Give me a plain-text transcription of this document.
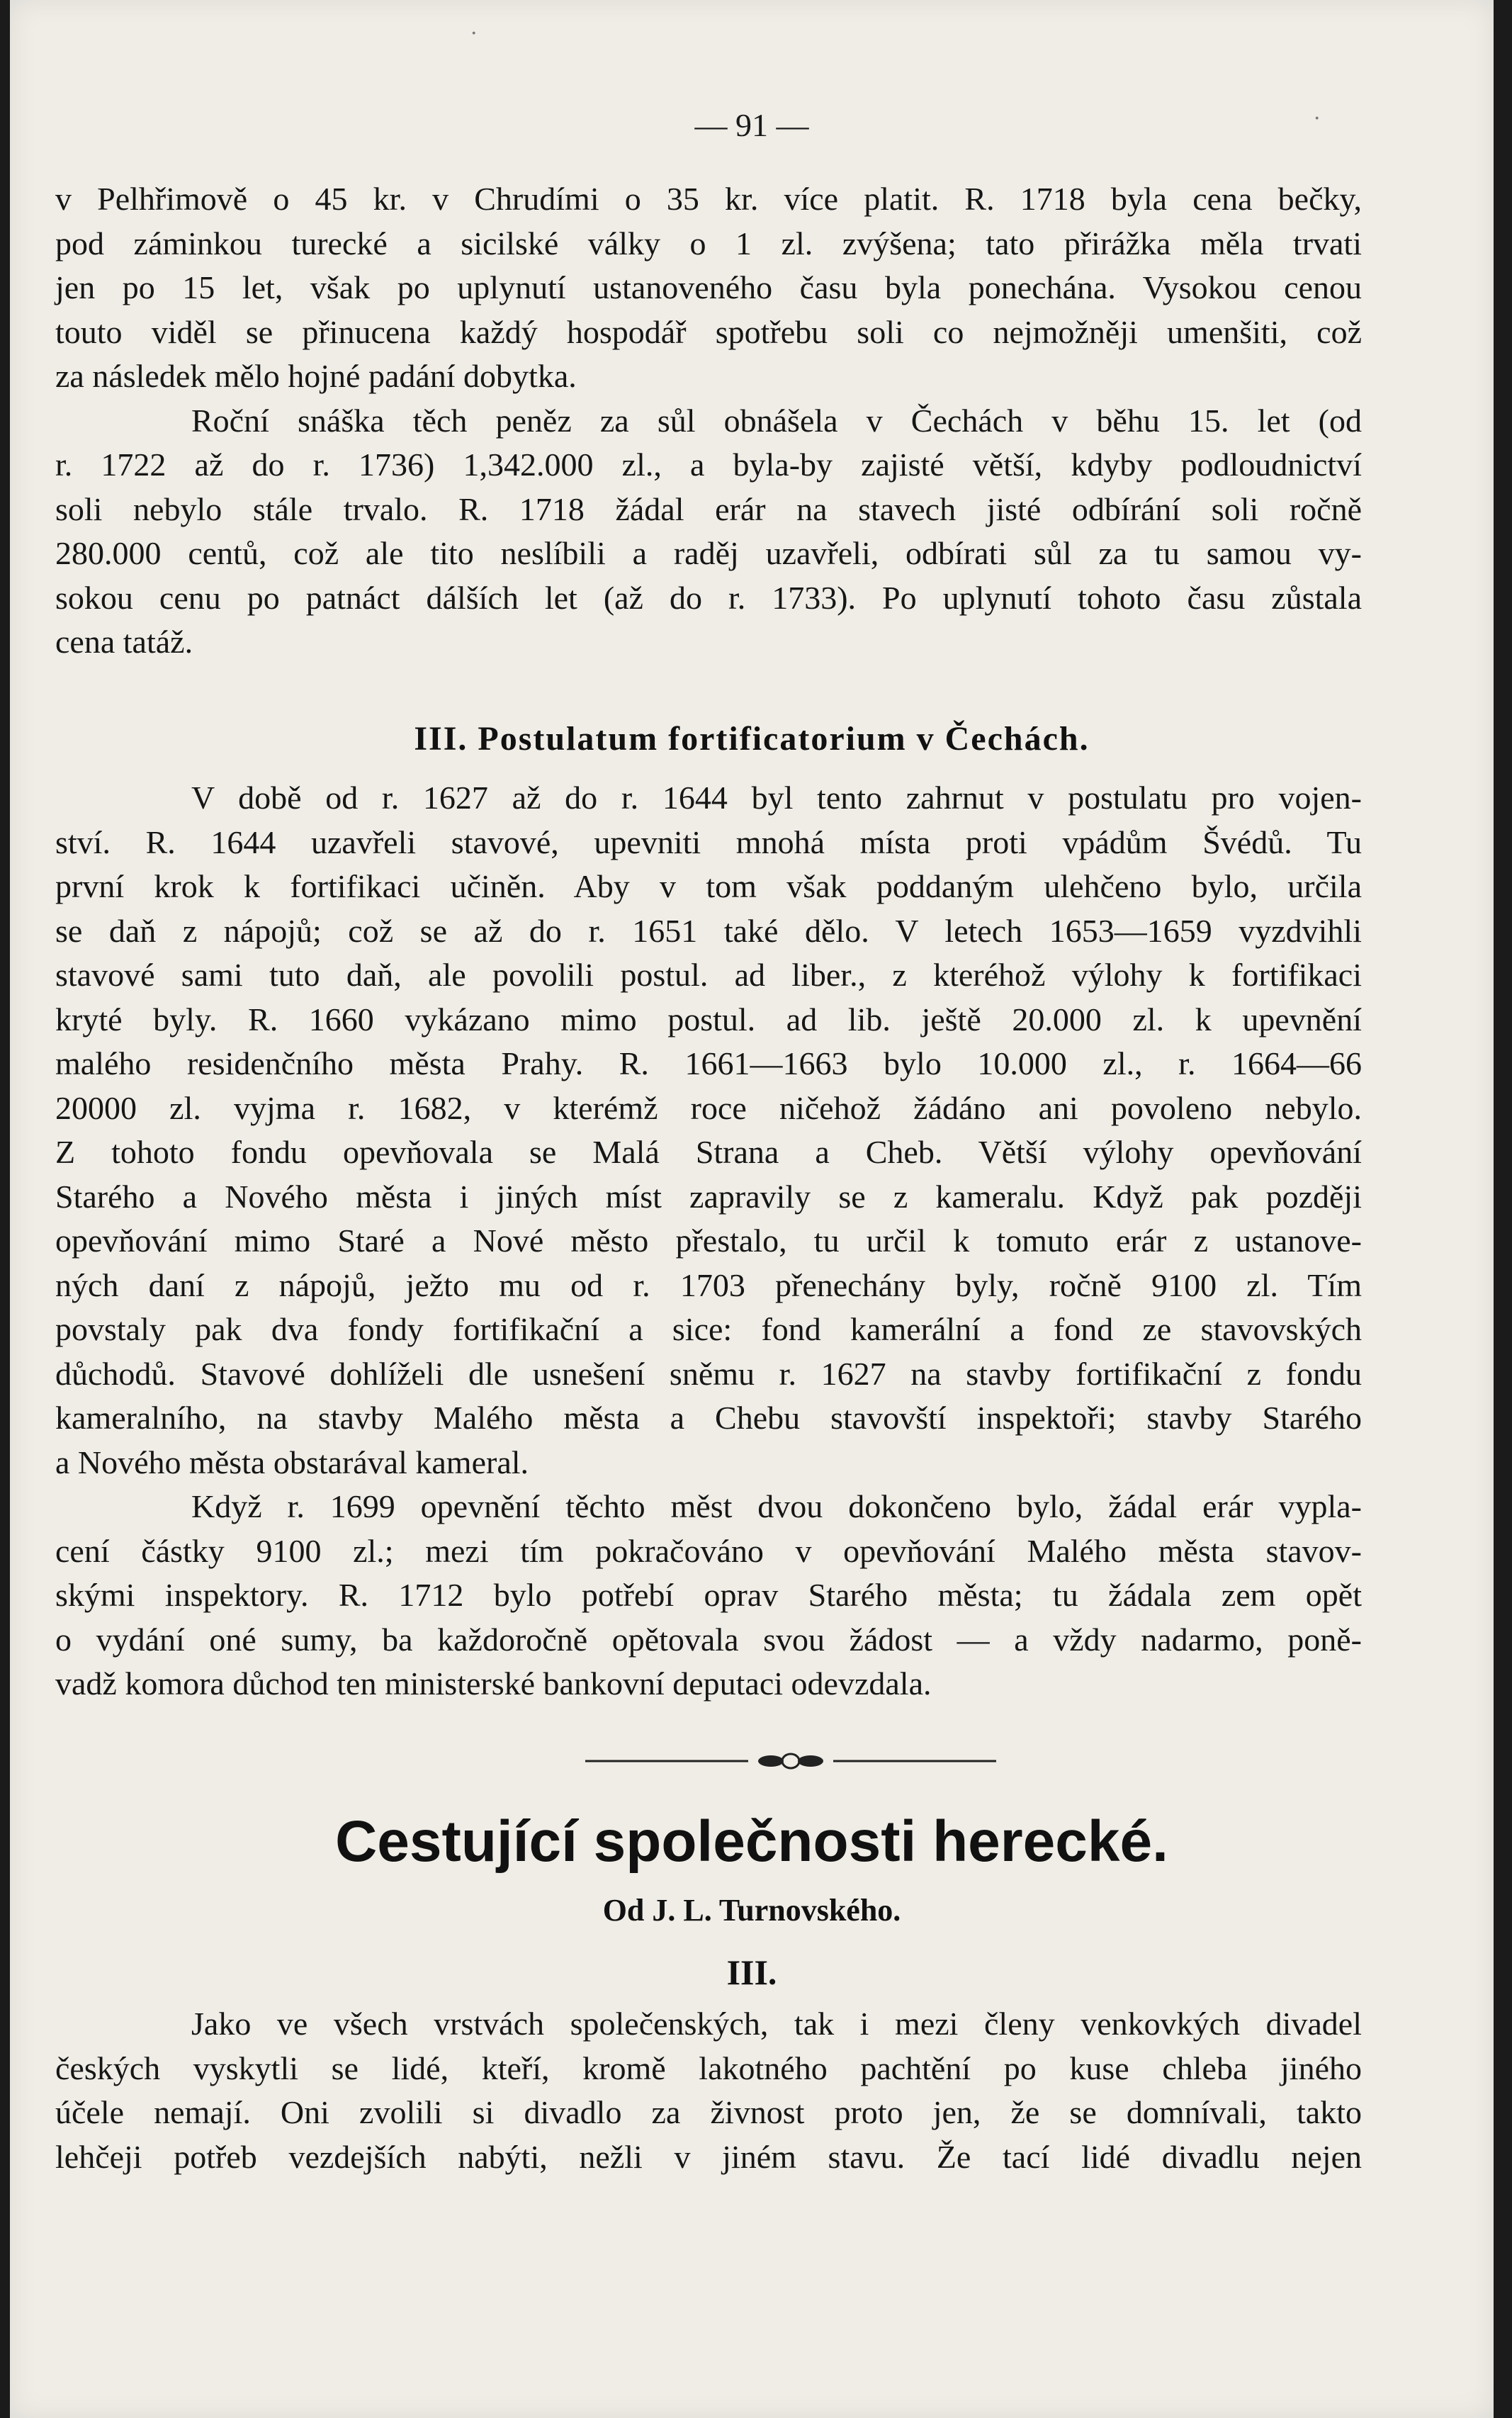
·
·
— 91 —
v Pelhřimově o 45 kr. v Chrudími o 35 kr. více platit. R. 1718 byla cena bečky,
pod záminkou turecké a sicilské války o 1 zl. zvýšena; tato přirážka měla trvati
jen po 15 let, však po uplynutí ustanoveného času byla ponechána. Vysokou cenou
touto viděl se přinucena každý hospodář spotřebu soli co nejmožněji umenšiti, což
za následek mělo hojné padání dobytka.
Roční snáška těch peněz za sůl obnášela v Čechách v běhu 15. let (od
r. 1722 až do r. 1736) 1,342.000 zl., a byla-by zajisté větší, kdyby podloudnictví
soli nebylo stále trvalo. R. 1718 žádal erár na stavech jisté odbírání soli ročně
280.000 centů, což ale tito neslíbili a raděj uzavřeli, odbírati sůl za tu samou vy-
sokou cenu po patnáct dálších let (až do r. 1733). Po uplynutí tohoto času zůstala
cena tatáž.
III. Postulatum fortificatorium v Čechách.
V době od r. 1627 až do r. 1644 byl tento zahrnut v postulatu pro vojen-
ství. R. 1644 uzavřeli stavové, upevniti mnohá místa proti vpádům Švédů. Tu
první krok k fortifikaci učiněn. Aby v tom však poddaným ulehčeno bylo, určila
se daň z nápojů; což se až do r. 1651 také dělo. V letech 1653—1659 vyzdvihli
stavové sami tuto daň, ale povolili postul. ad liber., z kteréhož výlohy k fortifikaci
kryté byly. R. 1660 vykázano mimo postul. ad lib. ještě 20.000 zl. k upevnění
malého residenčního města Prahy. R. 1661—1663 bylo 10.000 zl., r. 1664—66
20000 zl. vyjma r. 1682, v kterémž roce ničehož žádáno ani povoleno nebylo.
Z tohoto fondu opevňovala se Malá Strana a Cheb. Větší výlohy opevňování
Starého a Nového města i jiných míst zapravily se z kameralu. Když pak později
opevňování mimo Staré a Nové město přestalo, tu určil k tomuto erár z ustanove-
ných daní z nápojů, ježto mu od r. 1703 přenechány byly, ročně 9100 zl. Tím
povstaly pak dva fondy fortifikační a sice: fond kamerální a fond ze stavovských
důchodů. Stavové dohlíželi dle usnešení sněmu r. 1627 na stavby fortifikační z fondu
kameralního, na stavby Malého města a Chebu stavovští inspektoři; stavby Starého
a Nového města obstarával kameral.
Když r. 1699 opevnění těchto měst dvou dokončeno bylo, žádal erár vypla-
cení částky 9100 zl.; mezi tím pokračováno v opevňování Malého města stavov-
skými inspektory. R. 1712 bylo potřebí oprav Starého města; tu žádala zem opět
o vydání oné sumy, ba každoročně opětovala svou žádost — a vždy nadarmo, poně-
vadž komora důchod ten ministerské bankovní deputaci odevzdala.
Cestující společnosti herecké.
Od J. L. Turnovského.
III.
Jako ve všech vrstvách společenských, tak i mezi členy venkovkých divadel
českých vyskytli se lidé, kteří, kromě lakotného pachtění po kuse chleba jiného
účele nemají. Oni zvolili si divadlo za živnost proto jen, že se domnívali, takto
lehčeji potřeb vezdejších nabýti, nežli v jiném stavu. Že tací lidé divadlu nejen
